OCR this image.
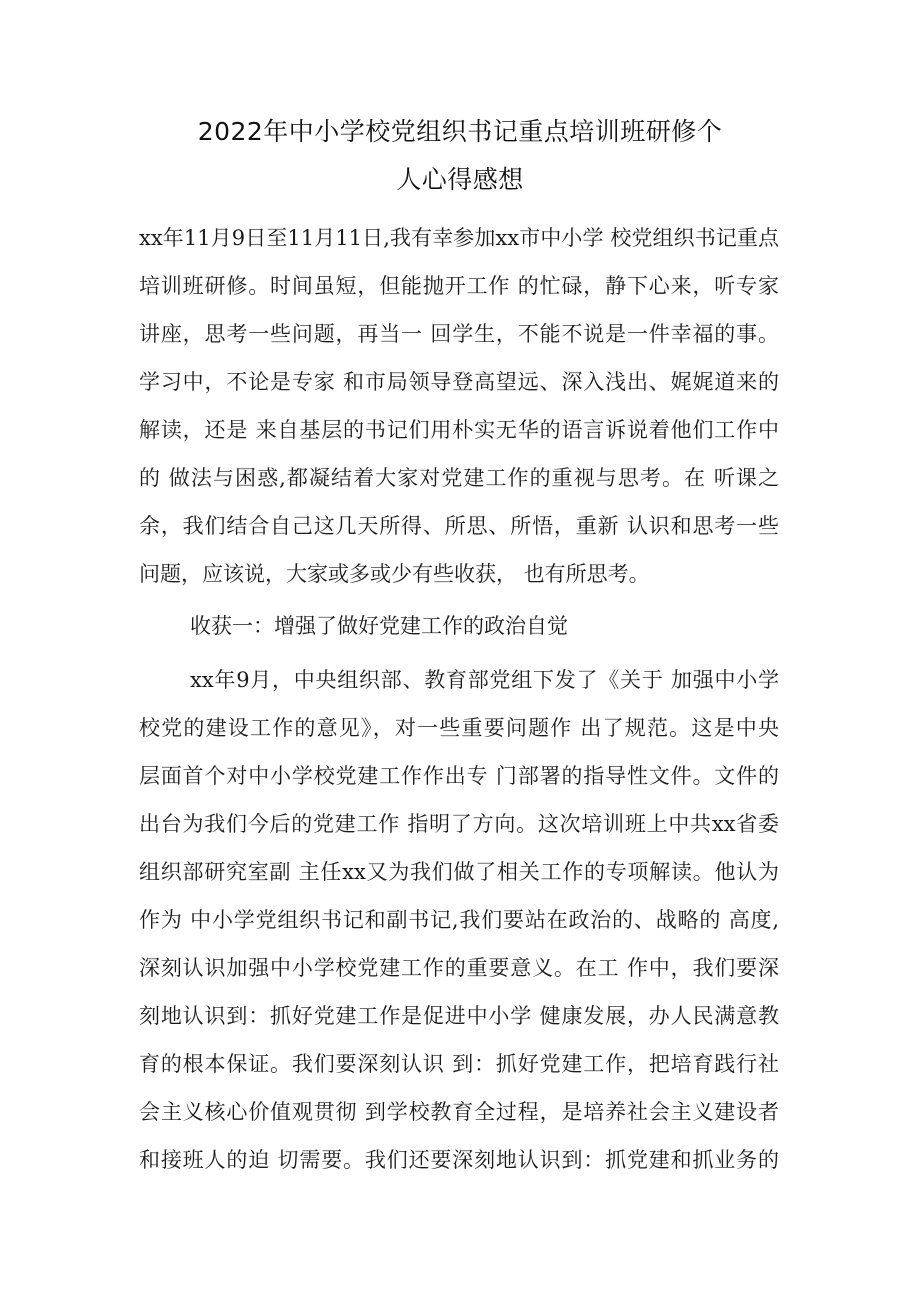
2022年中小学校党组织书记重点培训班研修个
人心得感想
xx年11月9日至11月11日,我有幸参加xx市中小学 校党组织书记重点
培训班研修。时间虽短，但能抛开工作 的忙碌，静下心来，听专家
讲座，思考一些问题，再当一 回学生，不能不说是一件幸福的事。
学习中，不论是专家 和市局领导登高望远、深入浅出、娓娓道来的
解读，还是 来自基层的书记们用朴实无华的语言诉说着他们工作中
的 做法与困惑,都凝结着大家对党建工作的重视与思考。在 听课之
余，我们结合自己这几天所得、所思、所悟，重新 认识和思考一些
问题，应该说，大家或多或少有些收获， 也有所思考。
收获一：增强了做好党建工作的政治自觉
xx年9月，中央组织部、教育部党组下发了《关于 加强中小学
校党的建设工作的意见》，对一些重要问题作 出了规范。这是中央
层面首个对中小学校党建工作作出专 门部署的指导性文件。文件的
出台为我们今后的党建工作 指明了方向。这次培训班上中共xx省委
组织部研究室副 主任xx又为我们做了相关工作的专项解读。他认为
作为 中小学党组织书记和副书记,我们要站在政治的、战略的 高度,
深刻认识加强中小学校党建工作的重要意义。在工 作中，我们要深
刻地认识到：抓好党建工作是促进中小学 健康发展，办人民满意教
育的根本保证。我们要深刻认识 到：抓好党建工作，把培育践行社
会主义核心价值观贯彻 到学校教育全过程，是培养社会主义建设者
和接班人的迫 切需要。我们还要深刻地认识到：抓党建和抓业务的
